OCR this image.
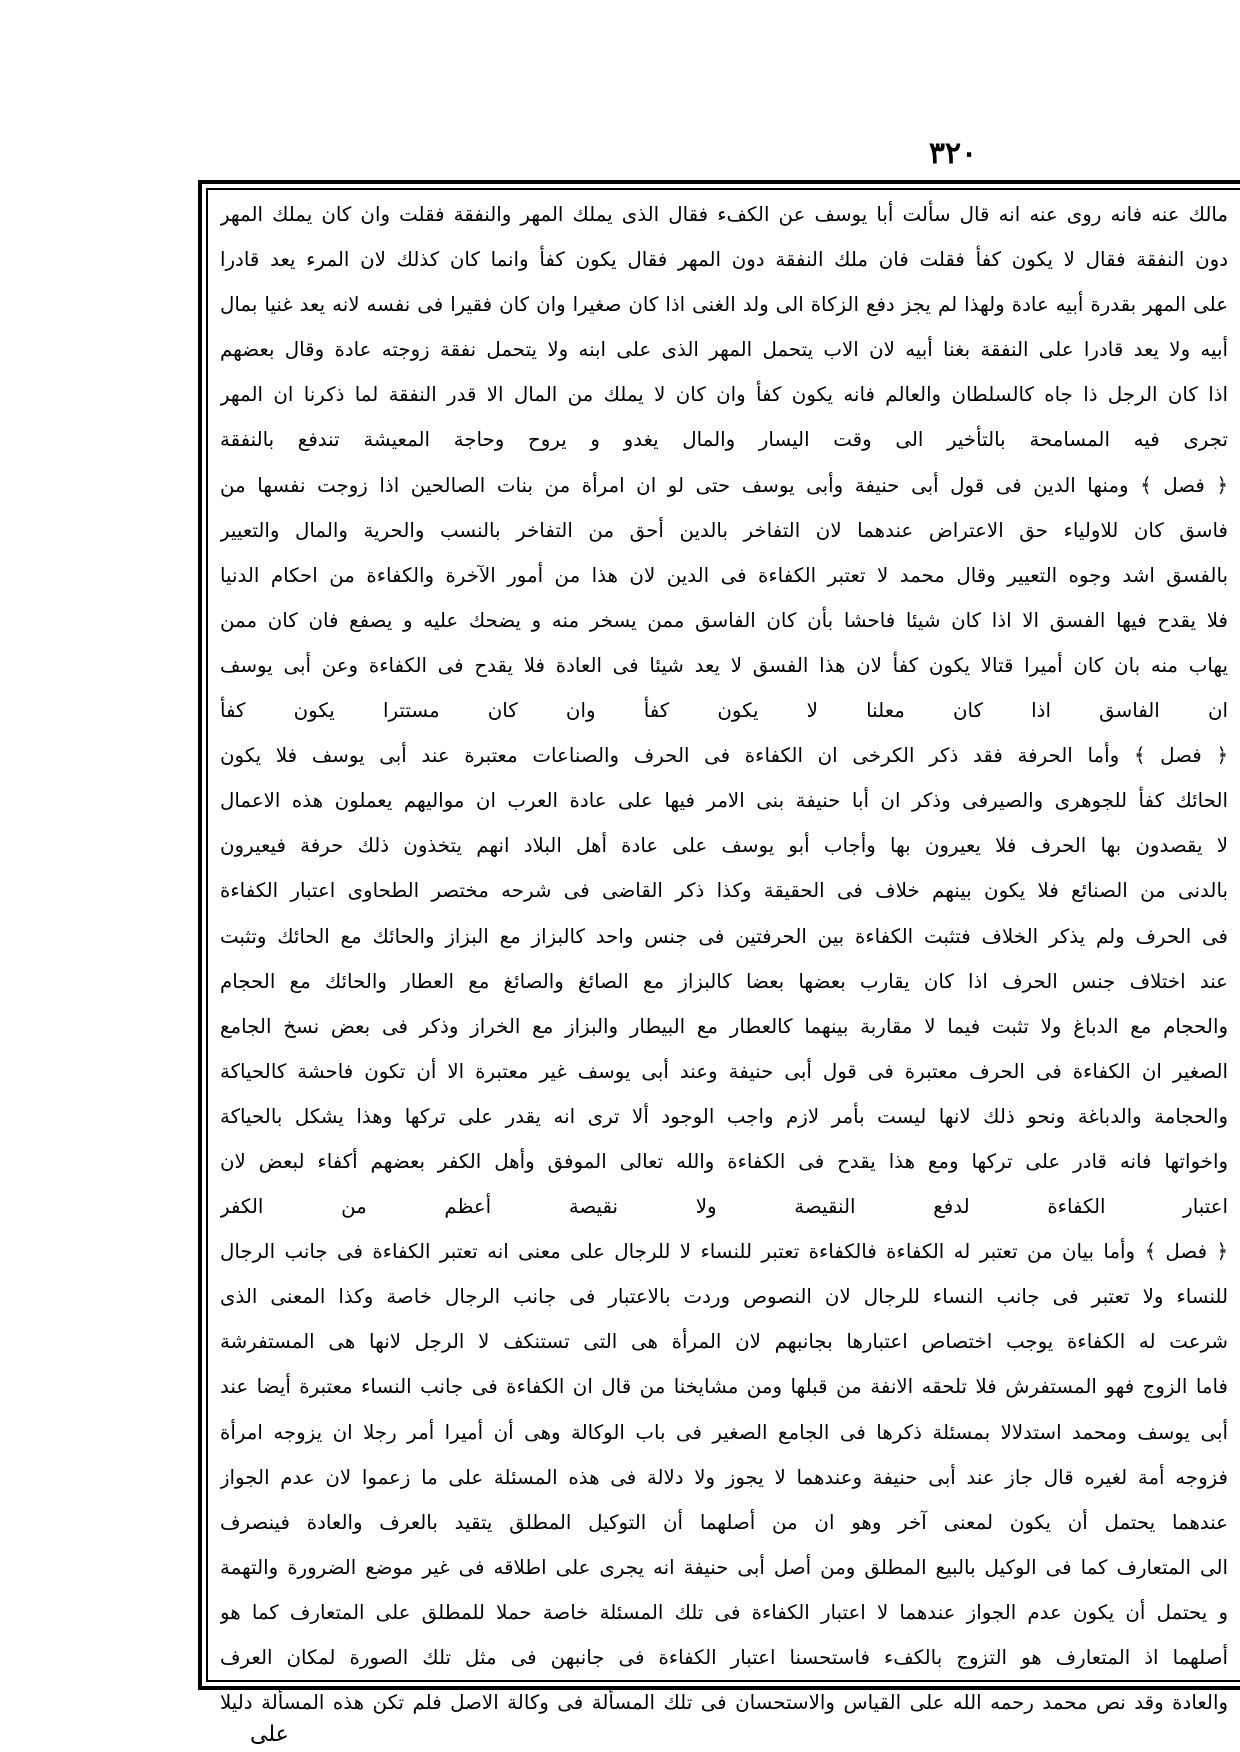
٣٢٠
مالك عنه فانه روى عنه انه قال سألت أبا يوسف عن الكفء فقال الذى يملك المهر والنفقة فقلت وان كان يملك المهر
دون النفقة فقال لا يكون كفأ فقلت فان ملك النفقة دون المهر فقال يكون كفأ وانما كان كذلك لان المرء يعد قادرا
على المهر بقدرة أبيه عادة ولهذا لم يجز دفع الزكاة الى ولد الغنى اذا كان صغيرا وان كان فقيرا فى نفسه لانه يعد غنيا بمال
أبيه ولا يعد قادرا على النفقة بغنا أبيه لان الاب يتحمل المهر الذى على ابنه ولا يتحمل نفقة زوجته عادة وقال بعضهم
اذا كان الرجل ذا جاه كالسلطان والعالم فانه يكون كفأ وان كان لا يملك من المال الا قدر النفقة لما ذكرنا ان المهر
تجرى فيه المسامحة بالتأخير الى وقت اليسار والمال يغدو و يروح وحاجة المعيشة تندفع بالنفقة
﴿ فصل ﴾ ومنها الدين فى قول أبى حنيفة وأبى يوسف حتى لو ان امرأة من بنات الصالحين اذا زوجت نفسها من
فاسق كان للاولياء حق الاعتراض عندهما لان التفاخر بالدين أحق من التفاخر بالنسب والحرية والمال والتعيير
بالفسق اشد وجوه التعيير وقال محمد لا تعتبر الكفاءة فى الدين لان هذا من أمور الآخرة والكفاءة من احكام الدنيا
فلا يقدح فيها الفسق الا اذا كان شيئا فاحشا بأن كان الفاسق ممن يسخر منه و يضحك عليه و يصفع فان كان ممن
يهاب منه بان كان أميرا قتالا يكون كفأ لان هذا الفسق لا يعد شيئا فى العادة فلا يقدح فى الكفاءة وعن أبى يوسف
ان الفاسق اذا كان معلنا لا يكون كفأ وان كان مستترا يكون كفأ
﴿ فصل ﴾ وأما الحرفة فقد ذكر الكرخى ان الكفاءة فى الحرف والصناعات معتبرة عند أبى يوسف فلا يكون
الحائك كفأ للجوهرى والصيرفى وذكر ان أبا حنيفة بنى الامر فيها على عادة العرب ان مواليهم يعملون هذه الاعمال
لا يقصدون بها الحرف فلا يعيرون بها وأجاب أبو يوسف على عادة أهل البلاد انهم يتخذون ذلك حرفة فيعيرون
بالدنى من الصنائع فلا يكون بينهم خلاف فى الحقيقة وكذا ذكر القاضى فى شرحه مختصر الطحاوى اعتبار الكفاءة
فى الحرف ولم يذكر الخلاف فتثبت الكفاءة بين الحرفتين فى جنس واحد كالبزاز مع البزاز والحائك مع الحائك وتثبت
عند اختلاف جنس الحرف اذا كان يقارب بعضها بعضا كالبزاز مع الصائغ والصائغ مع العطار والحائك مع الحجام
والحجام مع الدباغ ولا تثبت فيما لا مقاربة بينهما كالعطار مع البيطار والبزاز مع الخراز وذكر فى بعض نسخ الجامع
الصغير ان الكفاءة فى الحرف معتبرة فى قول أبى حنيفة وعند أبى يوسف غير معتبرة الا أن تكون فاحشة كالحياكة
والحجامة والدباغة ونحو ذلك لانها ليست بأمر لازم واجب الوجود ألا ترى انه يقدر على تركها وهذا يشكل بالحياكة
واخواتها فانه قادر على تركها ومع هذا يقدح فى الكفاءة والله تعالى الموفق وأهل الكفر بعضهم أكفاء لبعض لان
اعتبار الكفاءة لدفع النقيصة ولا نقيصة أعظم من الكفر
﴿ فصل ﴾ وأما بيان من تعتبر له الكفاءة فالكفاءة تعتبر للنساء لا للرجال على معنى انه تعتبر الكفاءة فى جانب الرجال
للنساء ولا تعتبر فى جانب النساء للرجال لان النصوص وردت بالاعتبار فى جانب الرجال خاصة وكذا المعنى الذى
شرعت له الكفاءة يوجب اختصاص اعتبارها بجانبهم لان المرأة هى التى تستنكف لا الرجل لانها هى المستفرشة
فاما الزوج فهو المستفرش فلا تلحقه الانفة من قبلها ومن مشايخنا من قال ان الكفاءة فى جانب النساء معتبرة أيضا عند
أبى يوسف ومحمد استدلالا بمسئلة ذكرها فى الجامع الصغير فى باب الوكالة وهى أن أميرا أمر رجلا ان يزوجه امرأة
فزوجه أمة لغيره قال جاز عند أبى حنيفة وعندهما لا يجوز ولا دلالة فى هذه المسئلة على ما زعموا لان عدم الجواز
عندهما يحتمل أن يكون لمعنى آخر وهو ان من أصلهما أن التوكيل المطلق يتقيد بالعرف والعادة فينصرف
الى المتعارف كما فى الوكيل بالبيع المطلق ومن أصل أبى حنيفة انه يجرى على اطلاقه فى غير موضع الضرورة والتهمة
و يحتمل أن يكون عدم الجواز عندهما لا اعتبار الكفاءة فى تلك المسئلة خاصة حملا للمطلق على المتعارف كما هو
أصلهما اذ المتعارف هو التزوج بالكفء فاستحسنا اعتبار الكفاءة فى جانبهن فى مثل تلك الصورة لمكان العرف
والعادة وقد نص محمد رحمه الله على القياس والاستحسان فى تلك المسألة فى وكالة الاصل فلم تكن هذه المسألة دليلا
على
